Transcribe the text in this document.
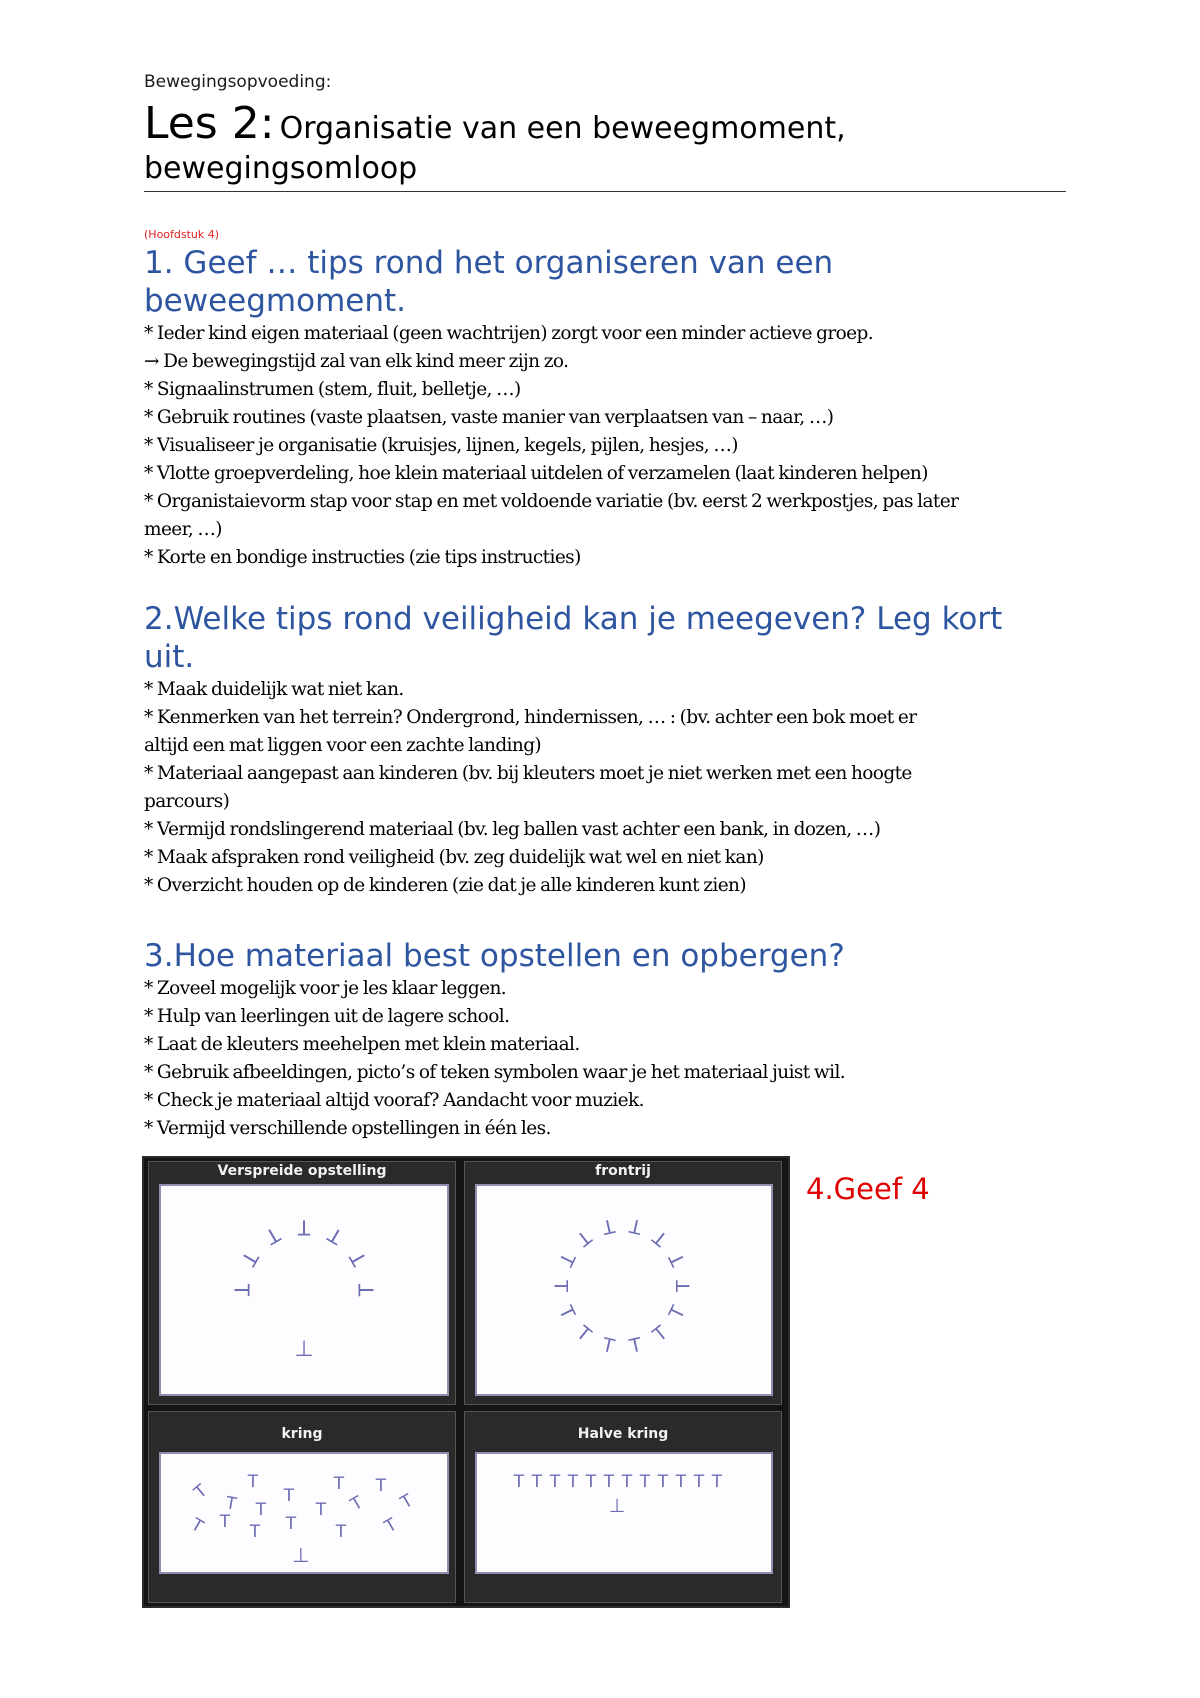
Bewegingsopvoeding:
Les 2: Organisatie van een beweegmoment,
bewegingsomloop
(Hoofdstuk 4)
1. Geef … tips rond het organiseren van een
beweegmoment.
* Ieder kind eigen materiaal (geen wachtrijen) zorgt voor een minder actieve groep.
→ De bewegingstijd zal van elk kind meer zijn zo.
* Signaalinstrumen (stem, fluit, belletje, …)
* Gebruik routines (vaste plaatsen, vaste manier van verplaatsen van – naar, …)
* Visualiseer je organisatie (kruisjes, lijnen, kegels, pijlen, hesjes, …)
* Vlotte groepverdeling, hoe klein materiaal uitdelen of verzamelen (laat kinderen helpen)
* Organistaievorm stap voor stap en met voldoende variatie (bv. eerst 2 werkpostjes, pas later
meer, …)
* Korte en bondige instructies (zie tips instructies)
2.Welke tips rond veiligheid kan je meegeven? Leg kort
uit.
* Maak duidelijk wat niet kan.
* Kenmerken van het terrein? Ondergrond, hindernissen, … : (bv. achter een bok moet er
altijd een mat liggen voor een zachte landing)
* Materiaal aangepast aan kinderen (bv. bij kleuters moet je niet werken met een hoogte
parcours)
* Vermijd rondslingerend materiaal (bv. leg ballen vast achter een bank, in dozen, …)
* Maak afspraken rond veiligheid (bv. zeg duidelijk wat wel en niet kan)
* Overzicht houden op de kinderen (zie dat je alle kinderen kunt zien)
3.Hoe materiaal best opstellen en opbergen?
* Zoveel mogelijk voor je les klaar leggen.
* Hulp van leerlingen uit de lagere school.
* Laat de kleuters meehelpen met klein materiaal.
* Gebruik afbeeldingen, picto’s of teken symbolen waar je het materiaal juist wil.
* Check je materiaal altijd vooraf? Aandacht voor muziek.
* Vermijd verschillende opstellingen in één les.
Verspreide opstelling
T
T
T T T
T
T
⊥
frontrij
T
T
T
T
T
T
T
T
T
T T T T
T
kring
T T	T T
T	T	T
T	T T
T T T T T T
⊥
Halve kring
T T T T T T T T T T T T
⊥
4.Geef 4
